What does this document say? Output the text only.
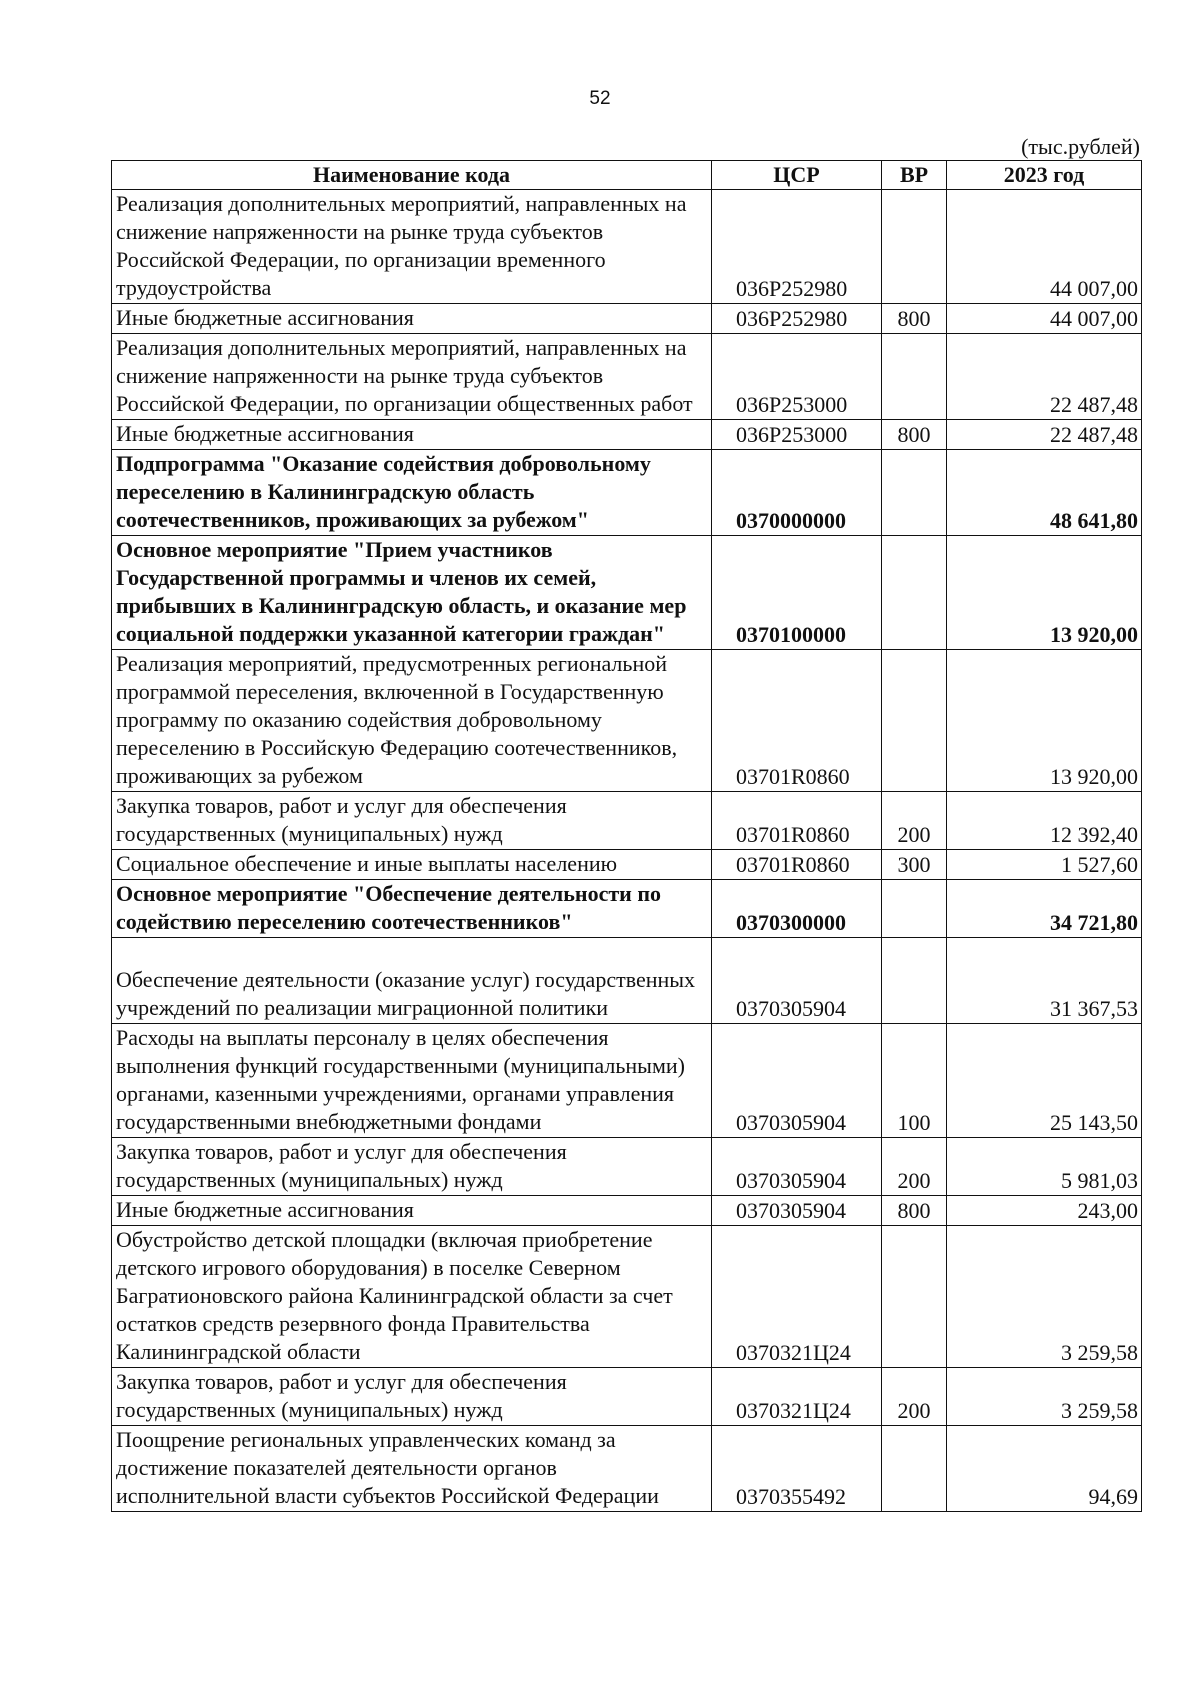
52
(тыс.рублей)
Наименование кода	ЦСР	ВР	2023 год
Реализация дополнительных мероприятий, направленных на снижение напряженности на рынке труда субъектов Российской Федерации, по организации временного трудоустройства	036Р252980		44 007,00
Иные бюджетные ассигнования	036Р252980	800	44 007,00
Реализация дополнительных мероприятий, направленных на снижение напряженности на рынке труда субъектов Российской Федерации, по организации общественных работ	036Р253000		22 487,48
Иные бюджетные ассигнования	036Р253000	800	22 487,48
Подпрограмма "Оказание содействия добровольному переселению в Калининградскую область соотечественников, проживающих за рубежом"	0370000000		48 641,80
Основное мероприятие "Прием участников Государственной программы и членов их семей, прибывших в Калининградскую область, и оказание мер социальной поддержки указанной категории граждан"	0370100000		13 920,00
Реализация мероприятий, предусмотренных региональной программой переселения, включенной в Государственную программу по оказанию содействия добровольному переселению в Российскую Федерацию соотечественников, проживающих за рубежом	03701R0860		13 920,00
Закупка товаров, работ и услуг для обеспечения государственных (муниципальных) нужд	03701R0860	200	12 392,40
Социальное обеспечение и иные выплаты населению	03701R0860	300	1 527,60
Основное мероприятие "Обеспечение деятельности по содействию переселению соотечественников"	0370300000		34 721,80

Обеспечение деятельности (оказание услуг) государственных учреждений по реализации миграционной политики	0370305904		31 367,53
Расходы на выплаты персоналу в целях обеспечения выполнения функций государственными (муниципальными) органами, казенными учреждениями, органами управления государственными внебюджетными фондами	0370305904	100	25 143,50
Закупка товаров, работ и услуг для обеспечения государственных (муниципальных) нужд	0370305904	200	5 981,03
Иные бюджетные ассигнования	0370305904	800	243,00
Обустройство детской площадки (включая приобретение детского игрового оборудования) в поселке Северном Багратионовского района Калининградской области за счет остатков средств резервного фонда Правительства Калининградской области	0370321Ц24		3 259,58
Закупка товаров, работ и услуг для обеспечения государственных (муниципальных) нужд	0370321Ц24	200	3 259,58
Поощрение региональных управленческих команд за достижение показателей деятельности органов исполнительной власти субъектов Российской Федерации	0370355492		94,69
